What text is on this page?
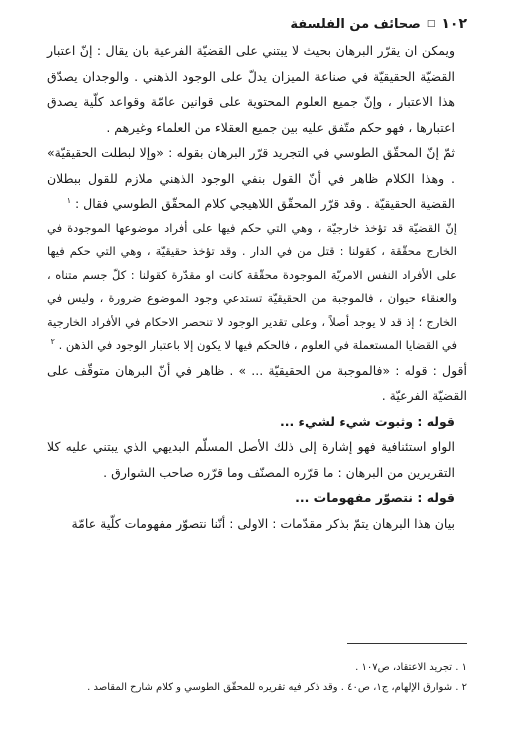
١٠٢
□
صحائف من الفلسفة

ويمكن ان يقرّر البرهان بحيث لا يبتني على القضيّة الفرعية بان يقال : إنّ اعتبار القضيّة الحقيقيّة في صناعة الميزان يدلّ على الوجود الذهني . والوجدان يصدّق هذا الاعتبار ، وإنّ جميع العلوم المحتوية على قوانين عامّة وقواعد كلّية يصدق اعتبارها ، فهو حكم متّفق عليه بين جميع العقلاء من العلماء وغيرهم .

ثمّ إنّ المحقّق الطوسي في التجريد قرّر البرهان بقوله : «وإلا لبطلت الحقيقيّة» . وهذا الكلام ظاهر في أنّ القول بنفي الوجود الذهني ملازم للقول ببطلان القضية الحقيقيّة . وقد قرّر المحقّق اللاهيجي كلام المحقّق الطوسي فقال : $^١$

إنّ القضيّة قد تؤخذ خارجيّة ، وهي التي حكم فيها على أفراد موضوعها الموجودة في الخارج محقّقة ، كقولنا : قتل من في الدار . وقد تؤخذ حقيقيّة ، وهي التي حكم فيها على الأفراد النفس الامريّة الموجودة محقّقة كانت او مقدّرة كقولنا : كلّ جسم متناه ، والعنقاء حيوان ، فالموجبة من الحقيقيّة تستدعي وجود الموضوع ضرورة ، وليس في الخارج ؛ إذ قد لا يوجد أصلاً ، وعلى تقدير الوجود لا تنحصر الاحكام في الأفراد الخارجية في القضايا المستعملة في العلوم ، فالحكم فيها لا يكون إلا باعتبار الوجود في الذهن . $^٢$

أقول : قوله : «فالموجبة من الحقيقيّة ... » . ظاهر في أنّ البرهان متوقّف على القضيّة الفرعيّة .

قوله : وثبوت شيء لشيء ...

الواو استئنافية فهو إشارة إلى ذلك الأصل المسلّم البديهي الذي يبتني عليه كلا التقريرين من البرهان : ما قرّره المصنّف وما قرّره صاحب الشوارق .

قوله : نتصوّر مفهومات ...

بيان هذا البرهان يتمّ بذكر مقدّمات : الاولى : أنّنا نتصوّر مفهومات كلّية عامّة

١ . تجريد الاعتقاد، ص١٠٧ .

٢ . شوارق الإلهام، ج١، ص٤٠ . وقد ذكر فيه تقريره للمحقّق الطوسي و كلام شارح المقاصد .
